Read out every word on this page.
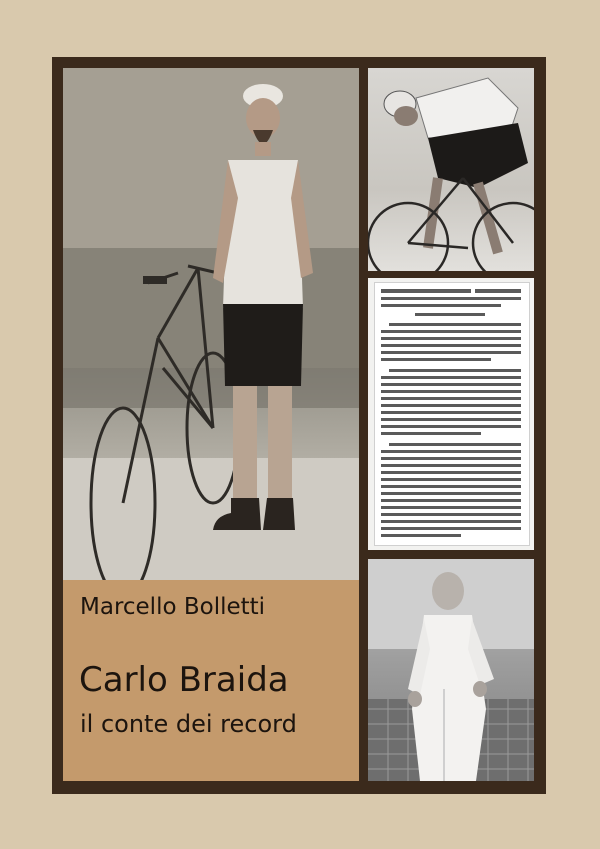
Marcello Bolletti

Carlo Braida

il conte dei record
